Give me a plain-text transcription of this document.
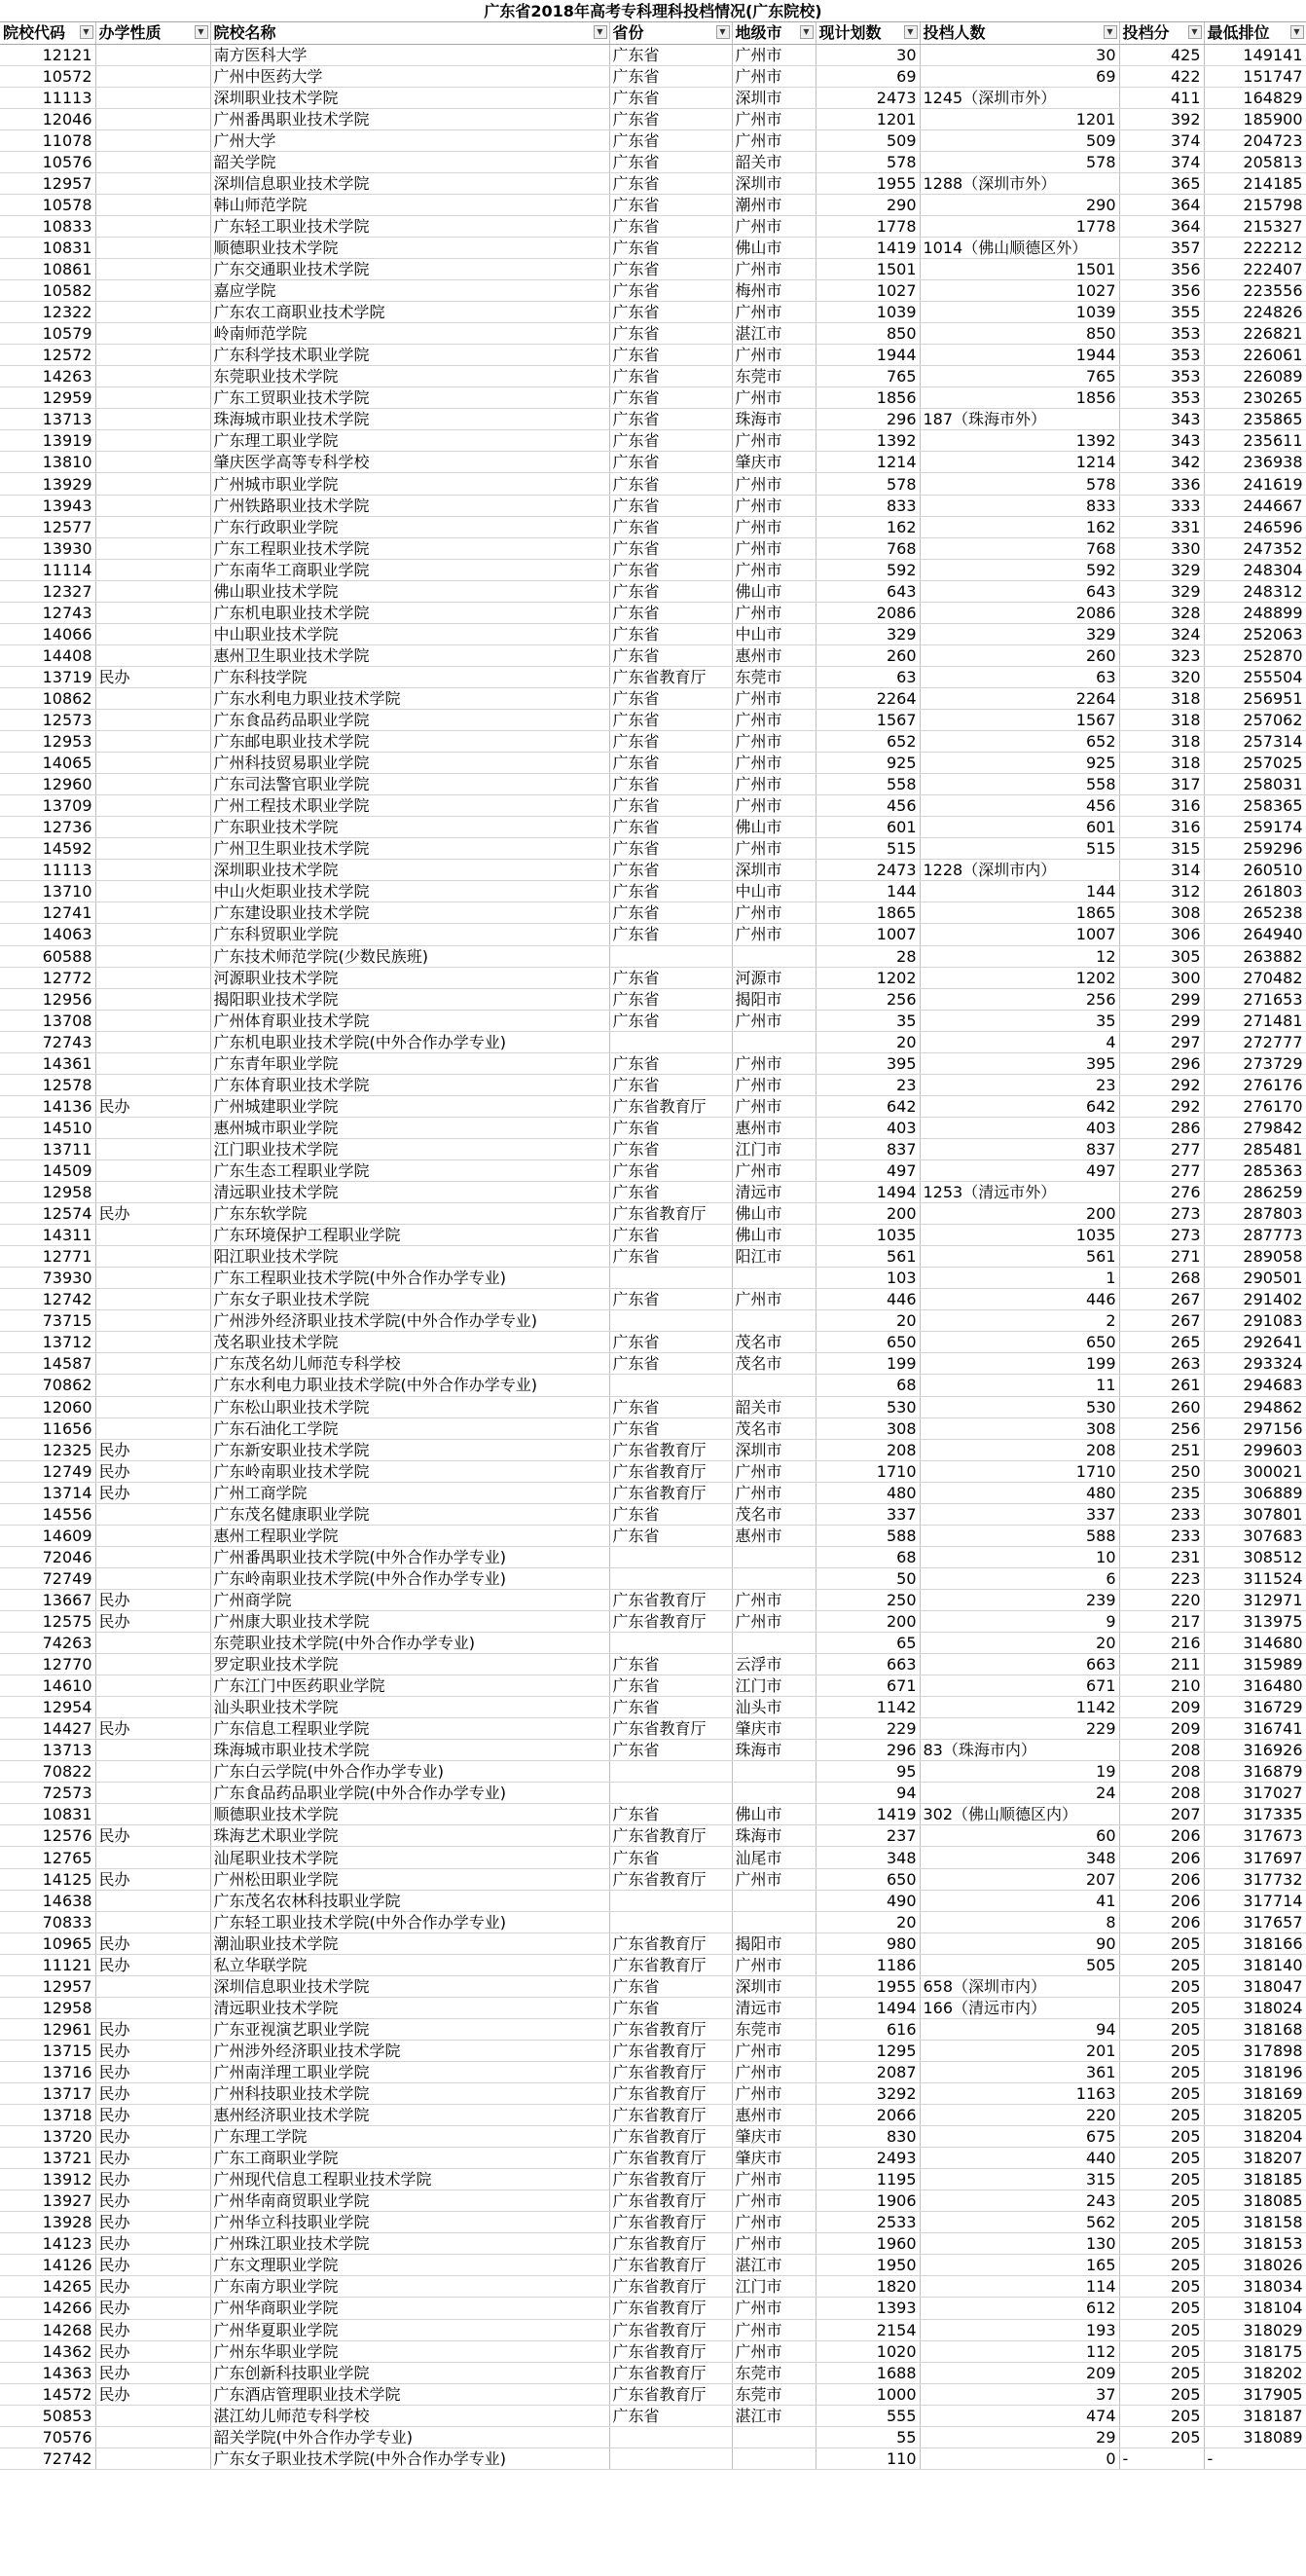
广东省2018年高考专科理科投档情况(广东院校)
院校代码 ▼	办学性质 ▼	院校名称 ▼	省份 ▼	地级市 ▼	现计划数 ▼	投档人数 ▼	投档分 ▼	最低排位 ▼

12121		南方医科大学	广东省	广州市	30	30	425	149141
10572		广州中医药大学	广东省	广州市	69	69	422	151747
11113		深圳职业技术学院	广东省	深圳市	2473	1245（深圳市外）	411	164829
12046		广州番禺职业技术学院	广东省	广州市	1201	1201	392	185900
11078		广州大学	广东省	广州市	509	509	374	204723
10576		韶关学院	广东省	韶关市	578	578	374	205813
12957		深圳信息职业技术学院	广东省	深圳市	1955	1288（深圳市外）	365	214185
10578		韩山师范学院	广东省	潮州市	290	290	364	215798
10833		广东轻工职业技术学院	广东省	广州市	1778	1778	364	215327
10831		顺德职业技术学院	广东省	佛山市	1419	1014（佛山顺德区外）	357	222212
10861		广东交通职业技术学院	广东省	广州市	1501	1501	356	222407
10582		嘉应学院	广东省	梅州市	1027	1027	356	223556
12322		广东农工商职业技术学院	广东省	广州市	1039	1039	355	224826
10579		岭南师范学院	广东省	湛江市	850	850	353	226821
12572		广东科学技术职业学院	广东省	广州市	1944	1944	353	226061
14263		东莞职业技术学院	广东省	东莞市	765	765	353	226089
12959		广东工贸职业技术学院	广东省	广州市	1856	1856	353	230265
13713		珠海城市职业技术学院	广东省	珠海市	296	187（珠海市外）	343	235865
13919		广东理工职业学院	广东省	广州市	1392	1392	343	235611
13810		肇庆医学高等专科学校	广东省	肇庆市	1214	1214	342	236938
13929		广州城市职业学院	广东省	广州市	578	578	336	241619
13943		广州铁路职业技术学院	广东省	广州市	833	833	333	244667
12577		广东行政职业学院	广东省	广州市	162	162	331	246596
13930		广东工程职业技术学院	广东省	广州市	768	768	330	247352
11114		广东南华工商职业学院	广东省	广州市	592	592	329	248304
12327		佛山职业技术学院	广东省	佛山市	643	643	329	248312
12743		广东机电职业技术学院	广东省	广州市	2086	2086	328	248899
14066		中山职业技术学院	广东省	中山市	329	329	324	252063
14408		惠州卫生职业技术学院	广东省	惠州市	260	260	323	252870
13719	民办	广东科技学院	广东省教育厅	东莞市	63	63	320	255504
10862		广东水利电力职业技术学院	广东省	广州市	2264	2264	318	256951
12573		广东食品药品职业学院	广东省	广州市	1567	1567	318	257062
12953		广东邮电职业技术学院	广东省	广州市	652	652	318	257314
14065		广州科技贸易职业学院	广东省	广州市	925	925	318	257025
12960		广东司法警官职业学院	广东省	广州市	558	558	317	258031
13709		广州工程技术职业学院	广东省	广州市	456	456	316	258365
12736		广东职业技术学院	广东省	佛山市	601	601	316	259174
14592		广州卫生职业技术学院	广东省	广州市	515	515	315	259296
11113		深圳职业技术学院	广东省	深圳市	2473	1228（深圳市内）	314	260510
13710		中山火炬职业技术学院	广东省	中山市	144	144	312	261803
12741		广东建设职业技术学院	广东省	广州市	1865	1865	308	265238
14063		广东科贸职业学院	广东省	广州市	1007	1007	306	264940
60588		广东技术师范学院(少数民族班)			28	12	305	263882
12772		河源职业技术学院	广东省	河源市	1202	1202	300	270482
12956		揭阳职业技术学院	广东省	揭阳市	256	256	299	271653
13708		广州体育职业技术学院	广东省	广州市	35	35	299	271481
72743		广东机电职业技术学院(中外合作办学专业)			20	4	297	272777
14361		广东青年职业学院	广东省	广州市	395	395	296	273729
12578		广东体育职业技术学院	广东省	广州市	23	23	292	276176
14136	民办	广州城建职业学院	广东省教育厅	广州市	642	642	292	276170
14510		惠州城市职业学院	广东省	惠州市	403	403	286	279842
13711		江门职业技术学院	广东省	江门市	837	837	277	285481
14509		广东生态工程职业学院	广东省	广州市	497	497	277	285363
12958		清远职业技术学院	广东省	清远市	1494	1253（清远市外）	276	286259
12574	民办	广东东软学院	广东省教育厅	佛山市	200	200	273	287803
14311		广东环境保护工程职业学院	广东省	佛山市	1035	1035	273	287773
12771		阳江职业技术学院	广东省	阳江市	561	561	271	289058
73930		广东工程职业技术学院(中外合作办学专业)			103	1	268	290501
12742		广东女子职业技术学院	广东省	广州市	446	446	267	291402
73715		广州涉外经济职业技术学院(中外合作办学专业)			20	2	267	291083
13712		茂名职业技术学院	广东省	茂名市	650	650	265	292641
14587		广东茂名幼儿师范专科学校	广东省	茂名市	199	199	263	293324
70862		广东水利电力职业技术学院(中外合作办学专业)			68	11	261	294683
12060		广东松山职业技术学院	广东省	韶关市	530	530	260	294862
11656		广东石油化工学院	广东省	茂名市	308	308	256	297156
12325	民办	广东新安职业技术学院	广东省教育厅	深圳市	208	208	251	299603
12749	民办	广东岭南职业技术学院	广东省教育厅	广州市	1710	1710	250	300021
13714	民办	广州工商学院	广东省教育厅	广州市	480	480	235	306889
14556		广东茂名健康职业学院	广东省	茂名市	337	337	233	307801
14609		惠州工程职业学院	广东省	惠州市	588	588	233	307683
72046		广州番禺职业技术学院(中外合作办学专业)			68	10	231	308512
72749		广东岭南职业技术学院(中外合作办学专业)			50	6	223	311524
13667	民办	广州商学院	广东省教育厅	广州市	250	239	220	312971
12575	民办	广州康大职业技术学院	广东省教育厅	广州市	200	9	217	313975
74263		东莞职业技术学院(中外合作办学专业)			65	20	216	314680
12770		罗定职业技术学院	广东省	云浮市	663	663	211	315989
14610		广东江门中医药职业学院	广东省	江门市	671	671	210	316480
12954		汕头职业技术学院	广东省	汕头市	1142	1142	209	316729
14427	民办	广东信息工程职业学院	广东省教育厅	肇庆市	229	229	209	316741
13713		珠海城市职业技术学院	广东省	珠海市	296	83（珠海市内）	208	316926
70822		广东白云学院(中外合作办学专业)			95	19	208	316879
72573		广东食品药品职业学院(中外合作办学专业)			94	24	208	317027
10831		顺德职业技术学院	广东省	佛山市	1419	302（佛山顺德区内）	207	317335
12576	民办	珠海艺术职业学院	广东省教育厅	珠海市	237	60	206	317673
12765		汕尾职业技术学院	广东省	汕尾市	348	348	206	317697
14125	民办	广州松田职业学院	广东省教育厅	广州市	650	207	206	317732
14638		广东茂名农林科技职业学院			490	41	206	317714
70833		广东轻工职业技术学院(中外合作办学专业)			20	8	206	317657
10965	民办	潮汕职业技术学院	广东省教育厅	揭阳市	980	90	205	318166
11121	民办	私立华联学院	广东省教育厅	广州市	1186	505	205	318140
12957		深圳信息职业技术学院	广东省	深圳市	1955	658（深圳市内）	205	318047
12958		清远职业技术学院	广东省	清远市	1494	166（清远市内）	205	318024
12961	民办	广东亚视演艺职业学院	广东省教育厅	东莞市	616	94	205	318168
13715	民办	广州涉外经济职业技术学院	广东省教育厅	广州市	1295	201	205	317898
13716	民办	广州南洋理工职业学院	广东省教育厅	广州市	2087	361	205	318196
13717	民办	广州科技职业技术学院	广东省教育厅	广州市	3292	1163	205	318169
13718	民办	惠州经济职业技术学院	广东省教育厅	惠州市	2066	220	205	318205
13720	民办	广东理工学院	广东省教育厅	肇庆市	830	675	205	318204
13721	民办	广东工商职业学院	广东省教育厅	肇庆市	2493	440	205	318207
13912	民办	广州现代信息工程职业技术学院	广东省教育厅	广州市	1195	315	205	318185
13927	民办	广州华南商贸职业学院	广东省教育厅	广州市	1906	243	205	318085
13928	民办	广州华立科技职业学院	广东省教育厅	广州市	2533	562	205	318158
14123	民办	广州珠江职业技术学院	广东省教育厅	广州市	1960	130	205	318153
14126	民办	广东文理职业学院	广东省教育厅	湛江市	1950	165	205	318026
14265	民办	广东南方职业学院	广东省教育厅	江门市	1820	114	205	318034
14266	民办	广州华商职业学院	广东省教育厅	广州市	1393	612	205	318104
14268	民办	广州华夏职业学院	广东省教育厅	广州市	2154	193	205	318029
14362	民办	广州东华职业学院	广东省教育厅	广州市	1020	112	205	318175
14363	民办	广东创新科技职业学院	广东省教育厅	东莞市	1688	209	205	318202
14572	民办	广东酒店管理职业技术学院	广东省教育厅	东莞市	1000	37	205	317905
50853		湛江幼儿师范专科学校	广东省	湛江市	555	474	205	318187
70576		韶关学院(中外合作办学专业)			55	29	205	318089
72742		广东女子职业技术学院(中外合作办学专业)			110	0	-	-
